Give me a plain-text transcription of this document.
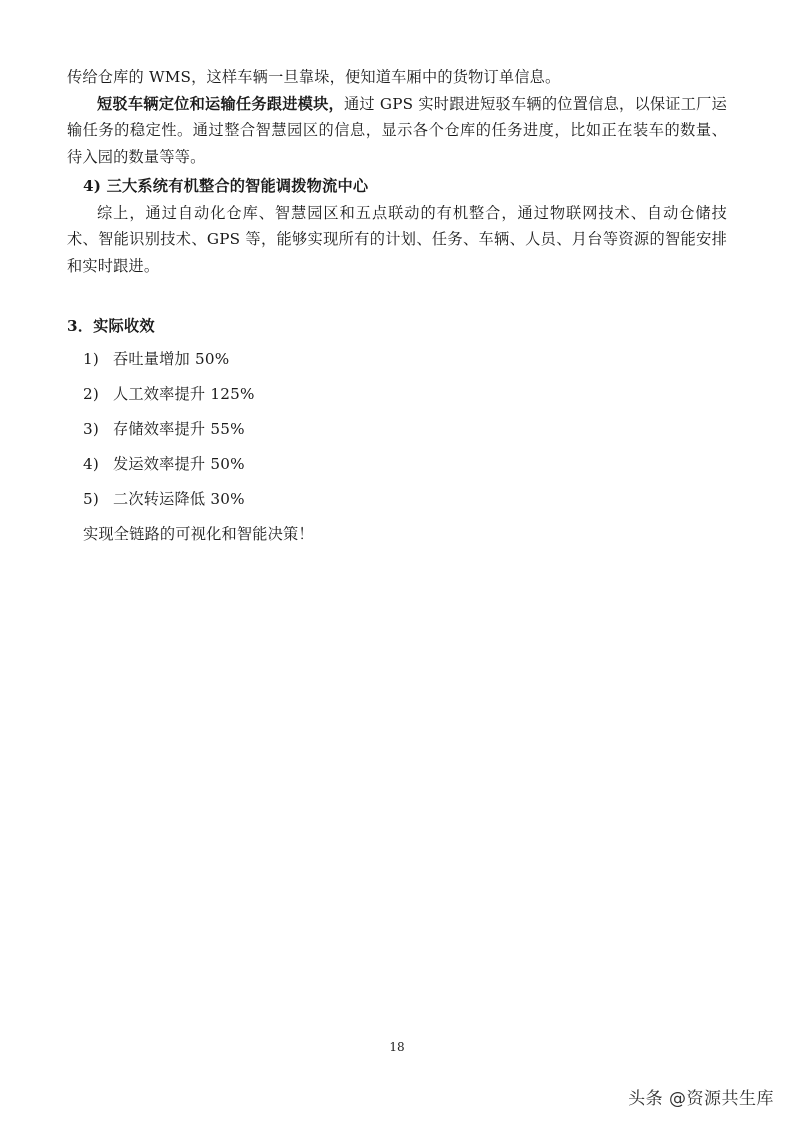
传给仓库的 WMS，这样车辆一旦靠垛，便知道车厢中的货物订单信息。

短驳车辆定位和运输任务跟进模块，通过 GPS 实时跟进短驳车辆的位置信息，以保证工厂运输任务的稳定性。通过整合智慧园区的信息，显示各个仓库的任务进度，比如正在装车的数量、待入园的数量等等。

4) 三大系统有机整合的智能调拨物流中心

综上，通过自动化仓库、智慧园区和五点联动的有机整合，通过物联网技术、自动仓储技术、智能识别技术、GPS 等，能够实现所有的计划、任务、车辆、人员、月台等资源的智能安排和实时跟进。

3．实际收效

1) 吞吐量增加 50%

2) 人工效率提升 125%

3) 存储效率提升 55%

4) 发运效率提升 50%

5) 二次转运降低 30%

实现全链路的可视化和智能决策！

18
头条 @资源共生库
